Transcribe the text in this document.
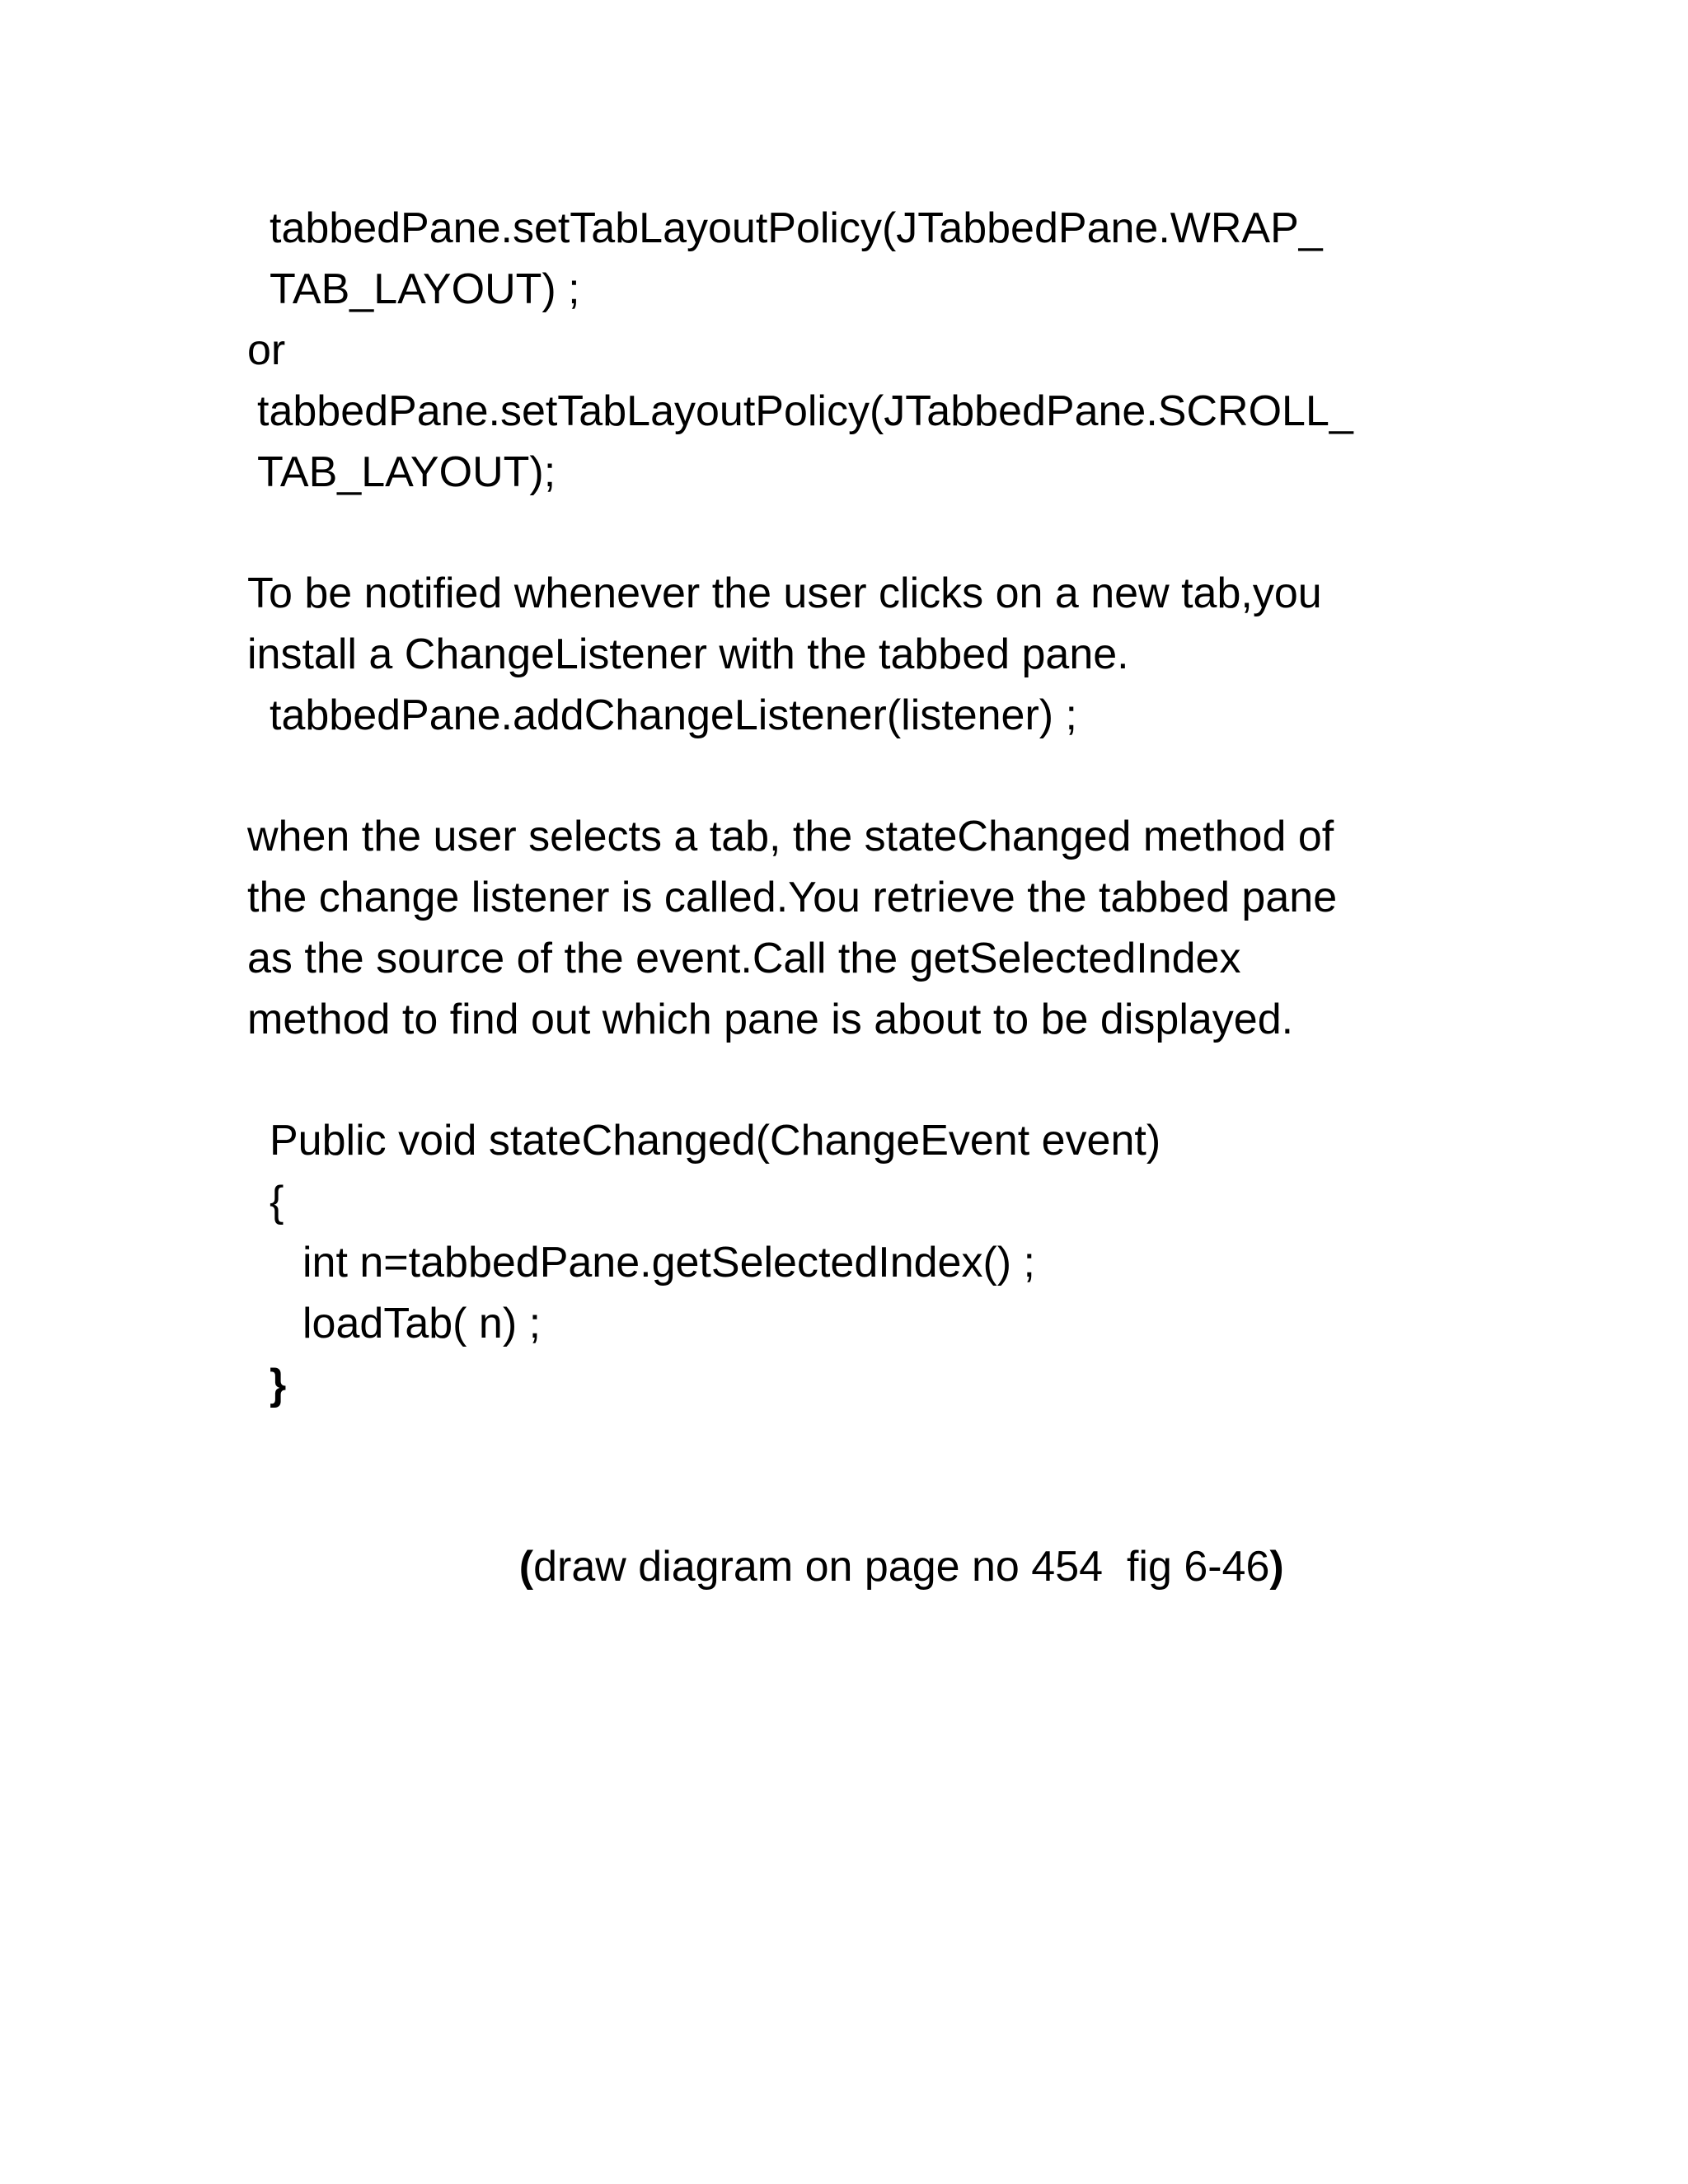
tabbedPane.setTabLayoutPolicy(JTabbedPane.WRAP_
TAB_LAYOUT) ;
or
tabbedPane.setTabLayoutPolicy(JTabbedPane.SCROLL_
TAB_LAYOUT);
To be notified whenever the user clicks on a new tab,you
install a ChangeListener with the tabbed pane.
tabbedPane.addChangeListener(listener) ;
when the user selects a tab, the stateChanged method of
the change listener is called.You retrieve the tabbed pane
as the source of the event.Call the getSelectedIndex
method to find out which pane is about to be displayed.
Public void stateChanged(ChangeEvent event)
{
int n=tabbedPane.getSelectedIndex() ;
loadTab( n) ;
}

(draw diagram on page no 454  fig 6-46)
